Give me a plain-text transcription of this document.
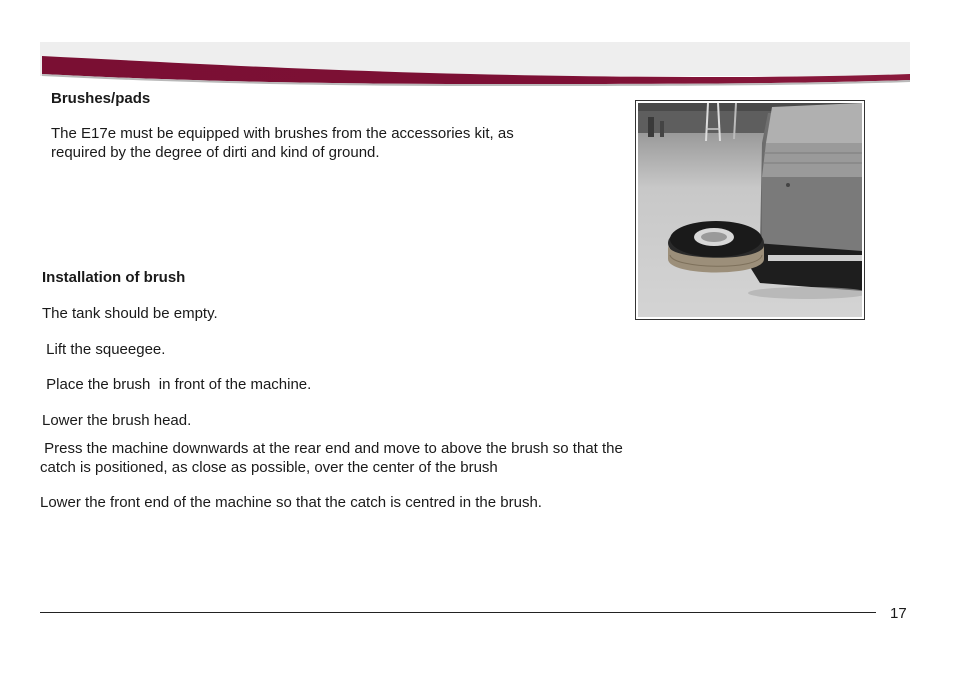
Brushes/pads
The E17e must be equipped with brushes from the accessories kit, as
required by the degree of dirti and kind of ground.
Installation of brush
The tank should be empty.
Lift the squeegee.
Place the brush  in front of the machine.
Lower the brush head.
Press the machine downwards at the rear end and move to above the brush so that the
catch is positioned, as close as possible, over the center of the brush
Lower the front end of the machine so that the catch is centred in the brush.
17
